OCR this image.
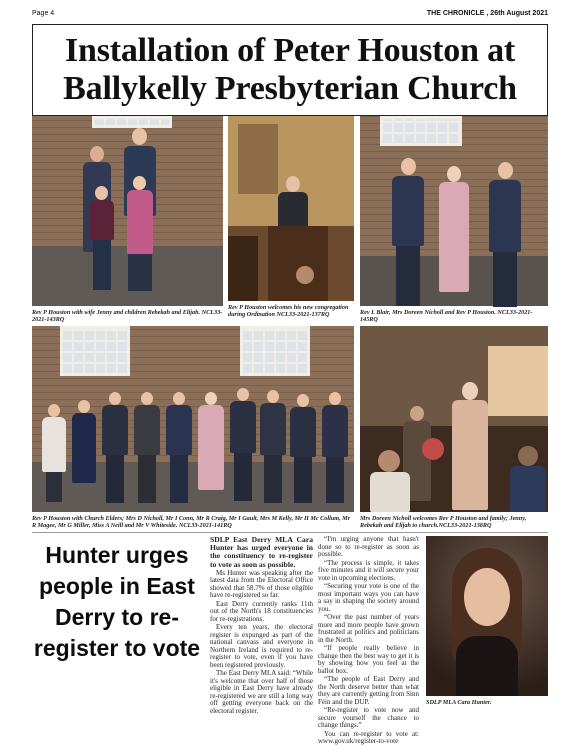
Page 4	THE CHRONICLE , 26th August 2021
Installation of Peter Houston at Ballykelly Presbyterian Church
Rev P Houston with wife Jenny and children Rebekah and Elijah. NCL33-2021-143RQ
Rev P Houston welcomes his new congregation during Ordination NCL33-2021-137RQ	Rev L Blair, Mrs Doreen Nicholl and Rev P Houston. NCL33-2021-145RQ
Rev P Houston with Church Elders; Mrs D Nicholl, Mr I Conn, Mr R Craig, Mr I Gault, Mrs M Kelly, Mr H Mc Collum, Mr R Magee, Mr G Miller, Miss A Neill and Mr V Whiteside. NCL33-2021-141RQ
Mrs Doreen Nicholl welcomes Rev P Houston and family; Jenny, Rebekah and Elijah to church.NCL33-2021-138RQ
Hunter urges people in East Derry to re-register to vote

SDLP East Derry MLA Cara Hunter has urged everyone in the constituency to re-register to vote as soon as possible.

Ms Hunter was speaking after the latest data from the Electoral Office showed that 58.7% of those eligible have re-registered so far.

East Derry currently ranks 11th out of the North's 18 constituencies for re-registrations.

Every ten years, the electoral register is expunged as part of the national canvass and everyone in Northern Ireland is required to re-register to vote, even if you have been registered previously.

The East Derry MLA said: “While it's welcome that over half of those eligible in East Derry have already re-registered we are still a long way off getting everyone back on the electoral register.

“I'm urging anyone that hasn't done so to re-register as soon as possible.

“The process is simple, it takes five minutes and it will secure your vote in upcoming elections.

“Securing your vote is one of the most important ways you can have a say in shaping the society around you.

“Over the past number of years more and more people have grown frustrated at politics and politicians in the North.

“If people really believe in change then the best way to get it is by showing how you feel at the ballot box.

“The people of East Derry and the North deserve better than what they are currently getting from Sinn Féin and the DUP.

“Re-register to vote now and secure yourself the chance to change things.”

You can re-register to vote at: www.gov.uk/register-to-vote

SDLP MLA Cara Hunter.
